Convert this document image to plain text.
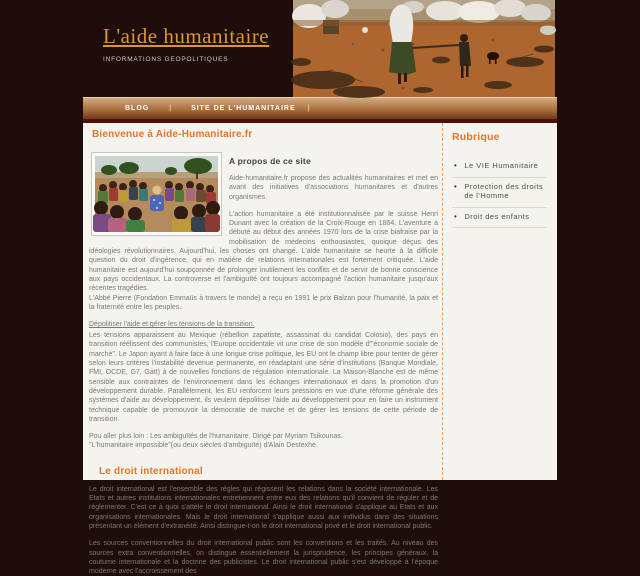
L'aide humanitaire
INFORMATIONS GEOPOLITIQUES
BLOG	|	SITE DE L'HUMANITAIRE |
Bienvenue à Aide-Humanitaire.fr
A propos de ce site

Aide-humanitaire.fr propose des actualités humanitaires et met en avant des initiatives d'associations humanitaires et d'autres organismes.

L'action humanitaire a été institutionnalisée par le suisse Henri Dunant avec la création de la Croix-Rouge en 1864. L'aventure a débuté au début des années 1970 lors de la crise biafraise par la mobilisation de médecins enthousiastes, quoique déçus des idéologies révolutionnaires. Aujourd'hui, les choses ont changé. L'aide humanitaire se heurte à la difficile question du droit d'ingérence, qui en matière de relations internationales est fortement critiquée. L'aide humanitaire est aujourd'hui soupçonnée de prolonger inutilement les conflits et de servir de bonne conscience aux pays occidentaux. La controverse et l'ambiguïté ont toujours accompagné l'action humanitaire jusqu'aux récentes tragédies.

L'Abbé Pierre (Fondation Emmaüs à travers le monde) a reçu en 1991 le prix Balzan pour l'humanité, la paix et la fraternité entre les peuples.

Dépolitiser l'aide et gérer les tensions de la transition.

Les tensions apparaissent au Mexique (rébellion zapatiste, assassinat du candidat Colosio), des pays en transition réélissent des communistes, l'Europe occidentale vit une crise de son modèle d'"économie sociale de marché". Le Japon ayant à faire face à une longue crise politique, les EU ont le champ libre pour tenter de gérer selon leurs critères l'instabilité devenue permanente, en réadaptant une série d'institutions (Banque Mondiale, FMI, OCDE, G7, Gatt) à de nouvelles fonctions de régulation internationale. La Maison-Blanche est de même sensible aux contraintes de l'environnement dans les échanges internationaux et dans la promotion d'un développement durable. Parallèlement, les EU renforcent leurs pressions en vue d'une réforme générale des systèmes d'aide au développement, ils veulent dépolitiser l'aide au développement pour en faire un instrument technique capable de promouvoir la démocratie de marché et de gérer les tensions de cette période de transition.

Pou aller plus loin : Les ambiguïtés de l'humanitaire. Dirigé par Myriam Tsikounas.

"L'humanitaire impossible"(ou deux siècles d'ambiguïté) d'Alain Destexhe.

Le droit international

Le droit international est l'ensemble des règles qui régissent les relations dans la société internationale. Les Etats et autres institutions internationales entretiennent entre eux des relations qu'il convient de réguler et de réglementer. C'est ce à quoi s'attèle le droit international. Ainsi le droit international s'applique au Etats et aux organisations internationales. Mais le droit international s'applique aussi aux individus dans des situations présentant un élément d'extranéité. Ainsi distingue-t-on le droit international privé et le droit international public.

Les sources conventionnelles du droit international public sont les conventions et les traités. Au niveau des sources extra conventionnelles, on distingue essentiellement la jurisprudence, les principes généraux, la coutume internationale et la doctrine des publicistes. Le droit international public s'est développé à l'époque moderne avec l'accroissement des

Rubrique
• Le VIE Humanitaire
• Protection des droits de l'Homme
• Droit des enfants
